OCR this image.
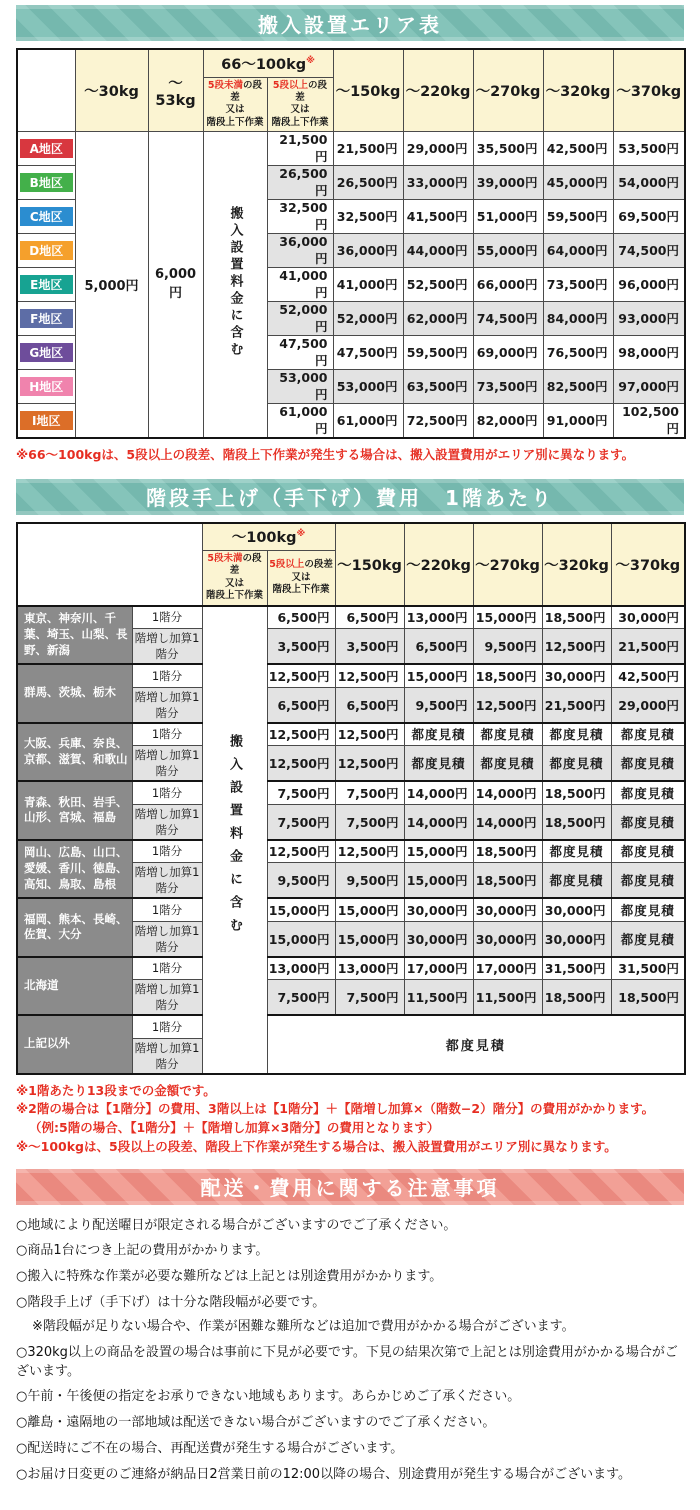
搬入設置エリア表
	〜30kg	〜53kg	66〜100kg※		〜150kg	〜220kg	〜270kg	〜320kg	〜370kg

5段未満の段差
又は
階段上下作業

5段以上の段差
又は
階段上下作業

A地区	5,000円	6,000円	搬入設置料金に含む	21,500円	21,500円	29,000円	35,500円	42,500円	53,500円

B地区				26,500円	26,500円	33,000円	39,000円	45,000円	54,000円

C地区				32,500円	32,500円	41,500円	51,000円	59,500円	69,500円

D地区				36,000円	36,000円	44,000円	55,000円	64,000円	74,500円

E地区				41,000円	41,000円	52,500円	66,000円	73,500円	96,000円

F地区				52,000円	52,000円	62,000円	74,500円	84,000円	93,000円

G地区				47,500円	47,500円	59,500円	69,000円	76,500円	98,000円

H地区				53,000円	53,000円	63,500円	73,500円	82,500円	97,000円

I地区				61,000円	61,000円	72,500円	82,000円	91,000円	102,500円
※66〜100kgは、5段以上の段差、階段上下作業が発生する場合は、搬入設置費用がエリア別に異なります。
階段手上げ（手下げ）費用　1階あたり
		〜100kg※		〜150kg	〜220kg	〜270kg	〜320kg	〜370kg

5段未満の段差
又は
階段上下作業

5段以上の段差
又は
階段上下作業

東京、神奈川、千葉、埼玉、山梨、長野、新潟	1階分	搬入設置料金に含む	6,500円	6,500円	13,000円	15,000円	18,500円	30,000円
	階増し加算1階分		3,500円	3,500円	6,500円	9,500円	12,500円	21,500円
群馬、茨城、栃木	1階分		12,500円	12,500円	15,000円	18,500円	30,000円	42,500円
	階増し加算1階分		6,500円	6,500円	9,500円	12,500円	21,500円	29,000円
大阪、兵庫、奈良、京都、滋賀、和歌山	1階分		12,500円	12,500円	都度見積	都度見積	都度見積	都度見積
	階増し加算1階分		12,500円	12,500円	都度見積	都度見積	都度見積	都度見積
青森、秋田、岩手、山形、宮城、福島	1階分		7,500円	7,500円	14,000円	14,000円	18,500円	都度見積
	階増し加算1階分		7,500円	7,500円	14,000円	14,000円	18,500円	都度見積
岡山、広島、山口、愛媛、香川、徳島、高知、鳥取、島根	1階分		12,500円	12,500円	15,000円	18,500円	都度見積	都度見積
	階増し加算1階分		9,500円	9,500円	15,000円	18,500円	都度見積	都度見積
福岡、熊本、長崎、佐賀、大分	1階分		15,000円	15,000円	30,000円	30,000円	30,000円	都度見積
	階増し加算1階分		15,000円	15,000円	30,000円	30,000円	30,000円	都度見積
北海道	1階分		13,000円	13,000円	17,000円	17,000円	31,500円	31,500円
	階増し加算1階分		7,500円	7,500円	11,500円	11,500円	18,500円	18,500円
上記以外	1階分		都度見積					
	階増し加算1階分							
※1階あたり13段までの金額です。
※2階の場合は【1階分】の費用、3階以上は【1階分】＋【階増し加算×（階数−2）階分】の費用がかかります。
（例:5階の場合、【1階分】＋【階増し加算×3階分】の費用となります）
※〜100kgは、5段以上の段差、階段上下作業が発生する場合は、搬入設置費用がエリア別に異なります。
配送・費用に関する注意事項
○地域により配送曜日が限定される場合がございますのでご了承ください。
○商品1台につき上記の費用がかかります。
○搬入に特殊な作業が必要な難所などは上記とは別途費用がかかります。
○階段手上げ（手下げ）は十分な階段幅が必要です。
※階段幅が足りない場合や、作業が困難な難所などは追加で費用がかかる場合がございます。
○320kg以上の商品を設置の場合は事前に下見が必要です。下見の結果次第で上記とは別途費用がかかる場合がございます。
○午前・午後便の指定をお承りできない地域もあります。あらかじめご了承ください。
○離島・遠隔地の一部地域は配送できない場合がございますのでご了承ください。
○配送時にご不在の場合、再配送費が発生する場合がございます。
○お届け日変更のご連絡が納品日2営業日前の12:00以降の場合、別途費用が発生する場合がございます。
